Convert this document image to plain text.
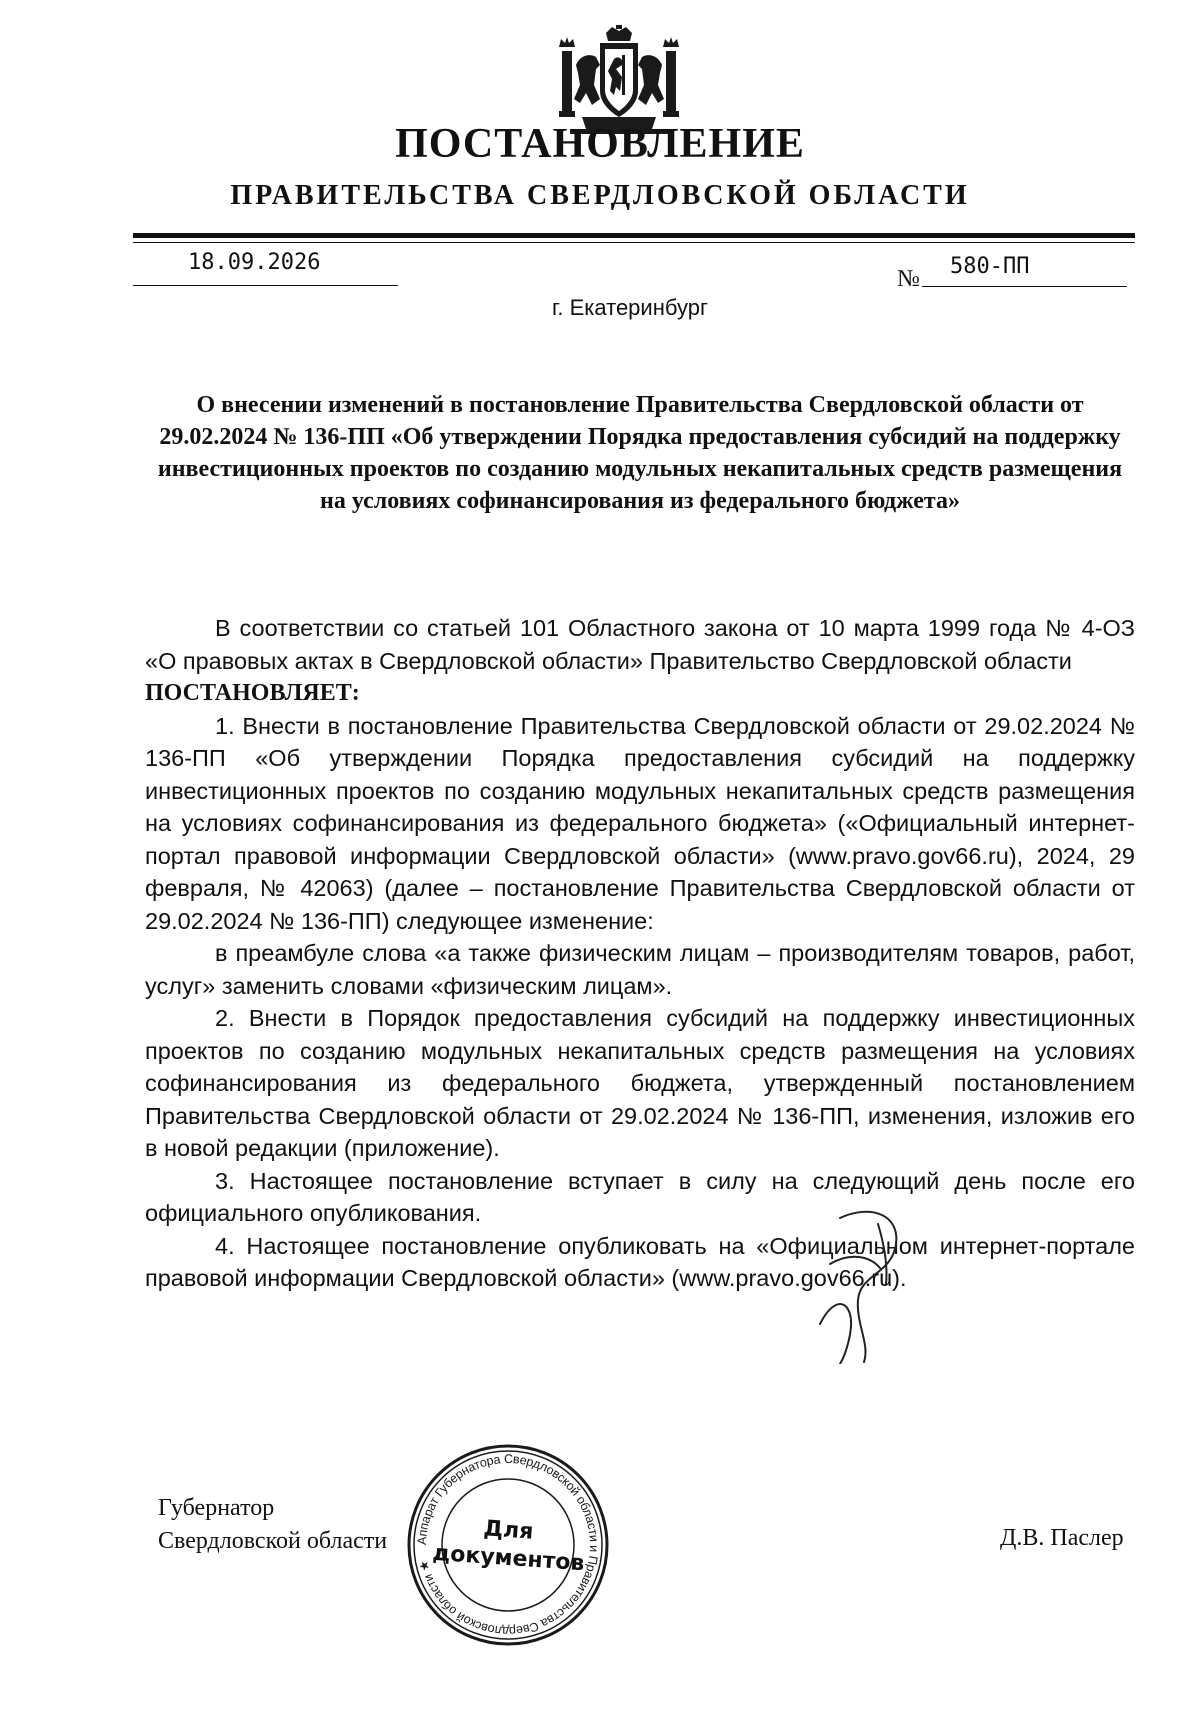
ПОСТАНОВЛЕНИЕ
ПРАВИТЕЛЬСТВА СВЕРДЛОВСКОЙ ОБЛАСТИ
18.09.2026
№ 580-ПП
г. Екатеринбург

О внесении изменений в постановление Правительства Свердловской области от 29.02.2024 № 136-ПП «Об утверждении Порядка предоставления субсидий на поддержку инвестиционных проектов по созданию модульных некапитальных средств размещения на условиях софинансирования из федерального бюджета»

В соответствии со статьей 101 Областного закона от 10 марта 1999 года № 4-ОЗ «О правовых актах в Свердловской области» Правительство Свердловской области

ПОСТАНОВЛЯЕТ:

1. Внести в постановление Правительства Свердловской области от 29.02.2024 № 136-ПП «Об утверждении Порядка предоставления субсидий на поддержку инвестиционных проектов по созданию модульных некапитальных средств размещения на условиях софинансирования из федерального бюджета» («Официальный интернет-портал правовой информации Свердловской области» (www.pravo.gov66.ru), 2024, 29 февраля, № 42063) (далее – постановление Правительства Свердловской области от 29.02.2024 № 136-ПП) следующее изменение:

в преамбуле слова «а также физическим лицам – производителям товаров, работ, услуг» заменить словами «физическим лицам».

2. Внести в Порядок предоставления субсидий на поддержку инвестиционных проектов по созданию модульных некапитальных средств размещения на условиях софинансирования из федерального бюджета, утвержденный постановлением Правительства Свердловской области от 29.02.2024 № 136-ПП, изменения, изложив его в новой редакции (приложение).

3. Настоящее постановление вступает в силу на следующий день после его официального опубликования.

4. Настоящее постановление опубликовать на «Официальном интернет-портале правовой информации Свердловской области» (www.pravo.gov66.ru).

Губернатор
Свердловской области	Д.В. Паслер
Аппарат Губернатора Свердловской области и Правительства Свердловской области ★
Для
документов
